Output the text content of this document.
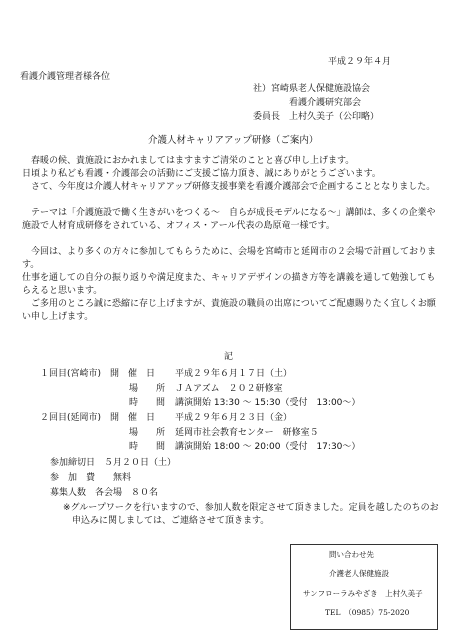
平成２９年４月
看護介護管理者様各位
社）宮崎県老人保健施設協会
看護介護研究部会
委員長　上村久美子（公印略）
介護人材キャリアアップ研修（ご案内）
春暖の候、貴施設におかれましてはますますご清栄のことと喜び申し上げます。
日頃より私ども看護・介護部会の活動にご支援ご協力頂き、誠にありがとうございます。
さて、今年度は介護人材キャリアアップ研修支援事業を看護介護部会で企画することとなりました。
テーマは「介護施設で働く生きがいをつくる〜　自らが成長モデルになる〜」講師は、多くの企業や施設で人材育成研修をされている、オフィス・アール代表の島原竜一様です。
今回は、より多くの方々に参加してもらうために、会場を宮崎市と延岡市の２会場で計画しております。
仕事を通しての自分の振り返りや満足度また、キャリアデザインの描き方等を講義を通して勉強してもらえると思います。
ご多用のところ誠に恐縮に存じ上げますが、貴施設の職員の出席についてご配慮賜りたく宜しくお願い申し上げます。
記
１回目(宮崎市) 開　催　日 平成２９年６月１７日（土）
場　　所 ＪＡアズム　２０２研修室
時　　間 講演開始 13:30 ～ 15:30（受付　13:00～）
２回目(延岡市) 開　催　日 平成２９年６月２３日（金）
場　　所 延岡市社会教育センター　研修室５
時　　間 講演開始 18:00 ～ 20:00（受付　17:30～）
参加締切日　５月２０日（土）
参　加　費　　無料
募集人数　各会場　８０名
※グループワークを行いますので、参加人数を限定させて頂きました。定員を越したのちのお申込みに関しましては、ご連絡させて頂きます。
問い合わせ先
介護老人保健施設
サンフローラみやざき　上村久美子
TEL　（0985）75-2020
